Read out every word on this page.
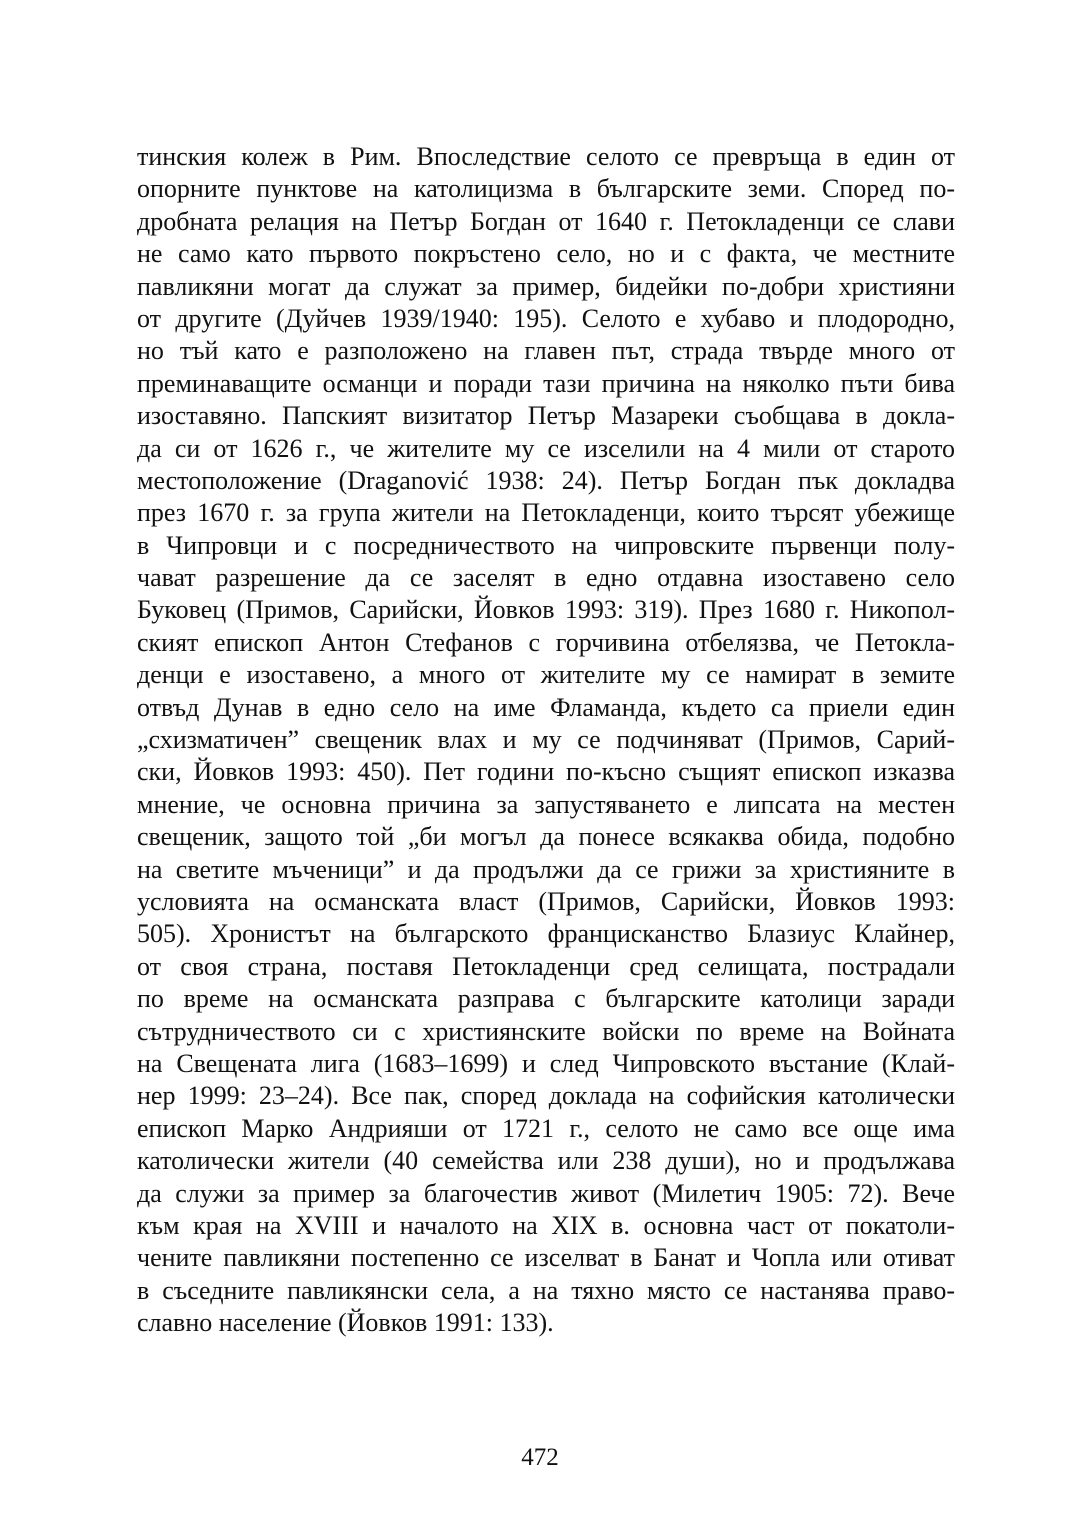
тинския колеж в Рим. Впоследствие селото се превръща в един от
опорните пунктове на католицизма в българските земи. Според по-
дробната релация на Петър Богдан от 1640 г. Петокладенци се слави
не само като първото покръстено село, но и с факта, че местните
павликяни могат да служат за пример, бидейки по-добри християни
от другите (Дуйчев 1939/1940: 195). Селото е хубаво и плодородно,
но тъй като е разположено на главен път, страда твърде много от
преминаващите османци и поради тази причина на няколко пъти бива
изоставяно. Папският визитатор Петър Мазареки съобщава в докла-
да си от 1626 г., че жителите му се изселили на 4 мили от старото
местоположение (Draganović 1938: 24). Петър Богдан пък докладва
през 1670 г. за група жители на Петокладенци, които търсят убежище
в Чипровци и с посредничеството на чипровските първенци полу-
чават разрешение да се заселят в едно отдавна изоставено село
Буковец (Примов, Сарийски, Йовков 1993: 319). През 1680 г. Никопол-
ският епископ Антон Стефанов с горчивина отбелязва, че Петокла-
денци е изоставено, а много от жителите му се намират в земите
отвъд Дунав в едно село на име Фламанда, където са приели един
„схизматичен” свещеник влах и му се подчиняват (Примов, Сарий-
ски, Йовков 1993: 450). Пет години по-късно същият епископ изказва
мнение, че основна причина за запустяването е липсата на местен
свещеник, защото той „би могъл да понесе всякаква обида, подобно
на светите мъченици” и да продължи да се грижи за християните в
условията на османската власт (Примов, Сарийски, Йовков 1993:
505). Хронистът на българското францисканство Блазиус Клайнер,
от своя страна, поставя Петокладенци сред селищата, пострадали
по време на османската разправа с българските католици заради
сътрудничеството си с християнските войски по време на Войната
на Свещената лига (1683–1699) и след Чипровското въстание (Клай-
нер 1999: 23–24). Все пак, според доклада на софийския католически
епископ Марко Андрияши от 1721 г., селото не само все още има
католически жители (40 семейства или 238 души), но и продължава
да служи за пример за благочестив живот (Милетич 1905: 72). Вече
към края на XVIII и началото на XIX в. основна част от покатоли-
чените павликяни постепенно се изселват в Банат и Чопла или отиват
в съседните павликянски села, а на тяхно място се настанява право-
славно население (Йовков 1991: 133).
472
